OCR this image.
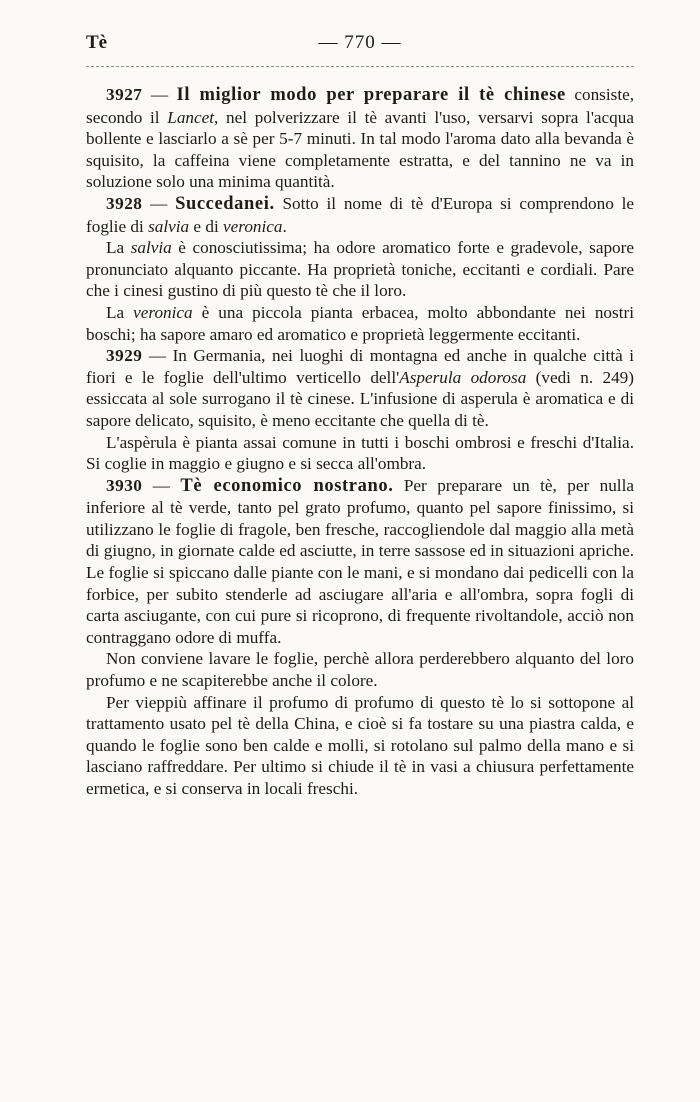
Tè	— 770 —

3927 — Il miglior modo per preparare il tè chinese consiste, secondo il Lancet, nel polverizzare il tè avanti l'uso, versarvi sopra l'acqua bollente e lasciarlo a sè per 5-7 minuti. In tal modo l'aroma dato alla bevanda è squisito, la caffeina viene completamente estratta, e del tannino ne va in soluzione solo una minima quantità.

3928 — Succedanei. Sotto il nome di tè d'Europa si comprendono le foglie di salvia e di veronica.

La salvia è conosciutissima; ha odore aromatico forte e gradevole, sapore pronunciato alquanto piccante. Ha proprietà toniche, eccitanti e cordiali. Pare che i cinesi gustino di più questo tè che il loro.

La veronica è una piccola pianta erbacea, molto abbondante nei nostri boschi; ha sapore amaro ed aromatico e proprietà leggermente eccitanti.

3929 — In Germania, nei luoghi di montagna ed anche in qualche città i fiori e le foglie dell'ultimo verticello dell'Asperula odorosa (vedi n. 249) essiccata al sole surrogano il tè cinese. L'infusione di asperula è aromatica e di sapore delicato, squisito, è meno eccitante che quella di tè.

L'aspèrula è pianta assai comune in tutti i boschi ombrosi e freschi d'Italia. Si coglie in maggio e giugno e si secca all'ombra.

3930 — Tè economico nostrano. Per preparare un tè, per nulla inferiore al tè verde, tanto pel grato profumo, quanto pel sapore finissimo, si utilizzano le foglie di fragole, ben fresche, raccogliendole dal maggio alla metà di giugno, in giornate calde ed asciutte, in terre sassose ed in situazioni apriche. Le foglie si spiccano dalle piante con le mani, e si mondano dai pedicelli con la forbice, per subito stenderle ad asciugare all'aria e all'ombra, sopra fogli di carta asciugante, con cui pure si ricoprono, di frequente rivoltandole, acciò non contraggano odore di muffa.

Non conviene lavare le foglie, perchè allora perderebbero alquanto del loro profumo e ne scapiterebbe anche il colore.

Per vieppiù affinare il profumo di profumo di questo tè lo si sottopone al trattamento usato pel tè della China, e cioè si fa tostare su una piastra calda, e quando le foglie sono ben calde e molli, si rotolano sul palmo della mano e si lasciano raffreddare. Per ultimo si chiude il tè in vasi a chiusura perfettamente ermetica, e si conserva in locali freschi.
